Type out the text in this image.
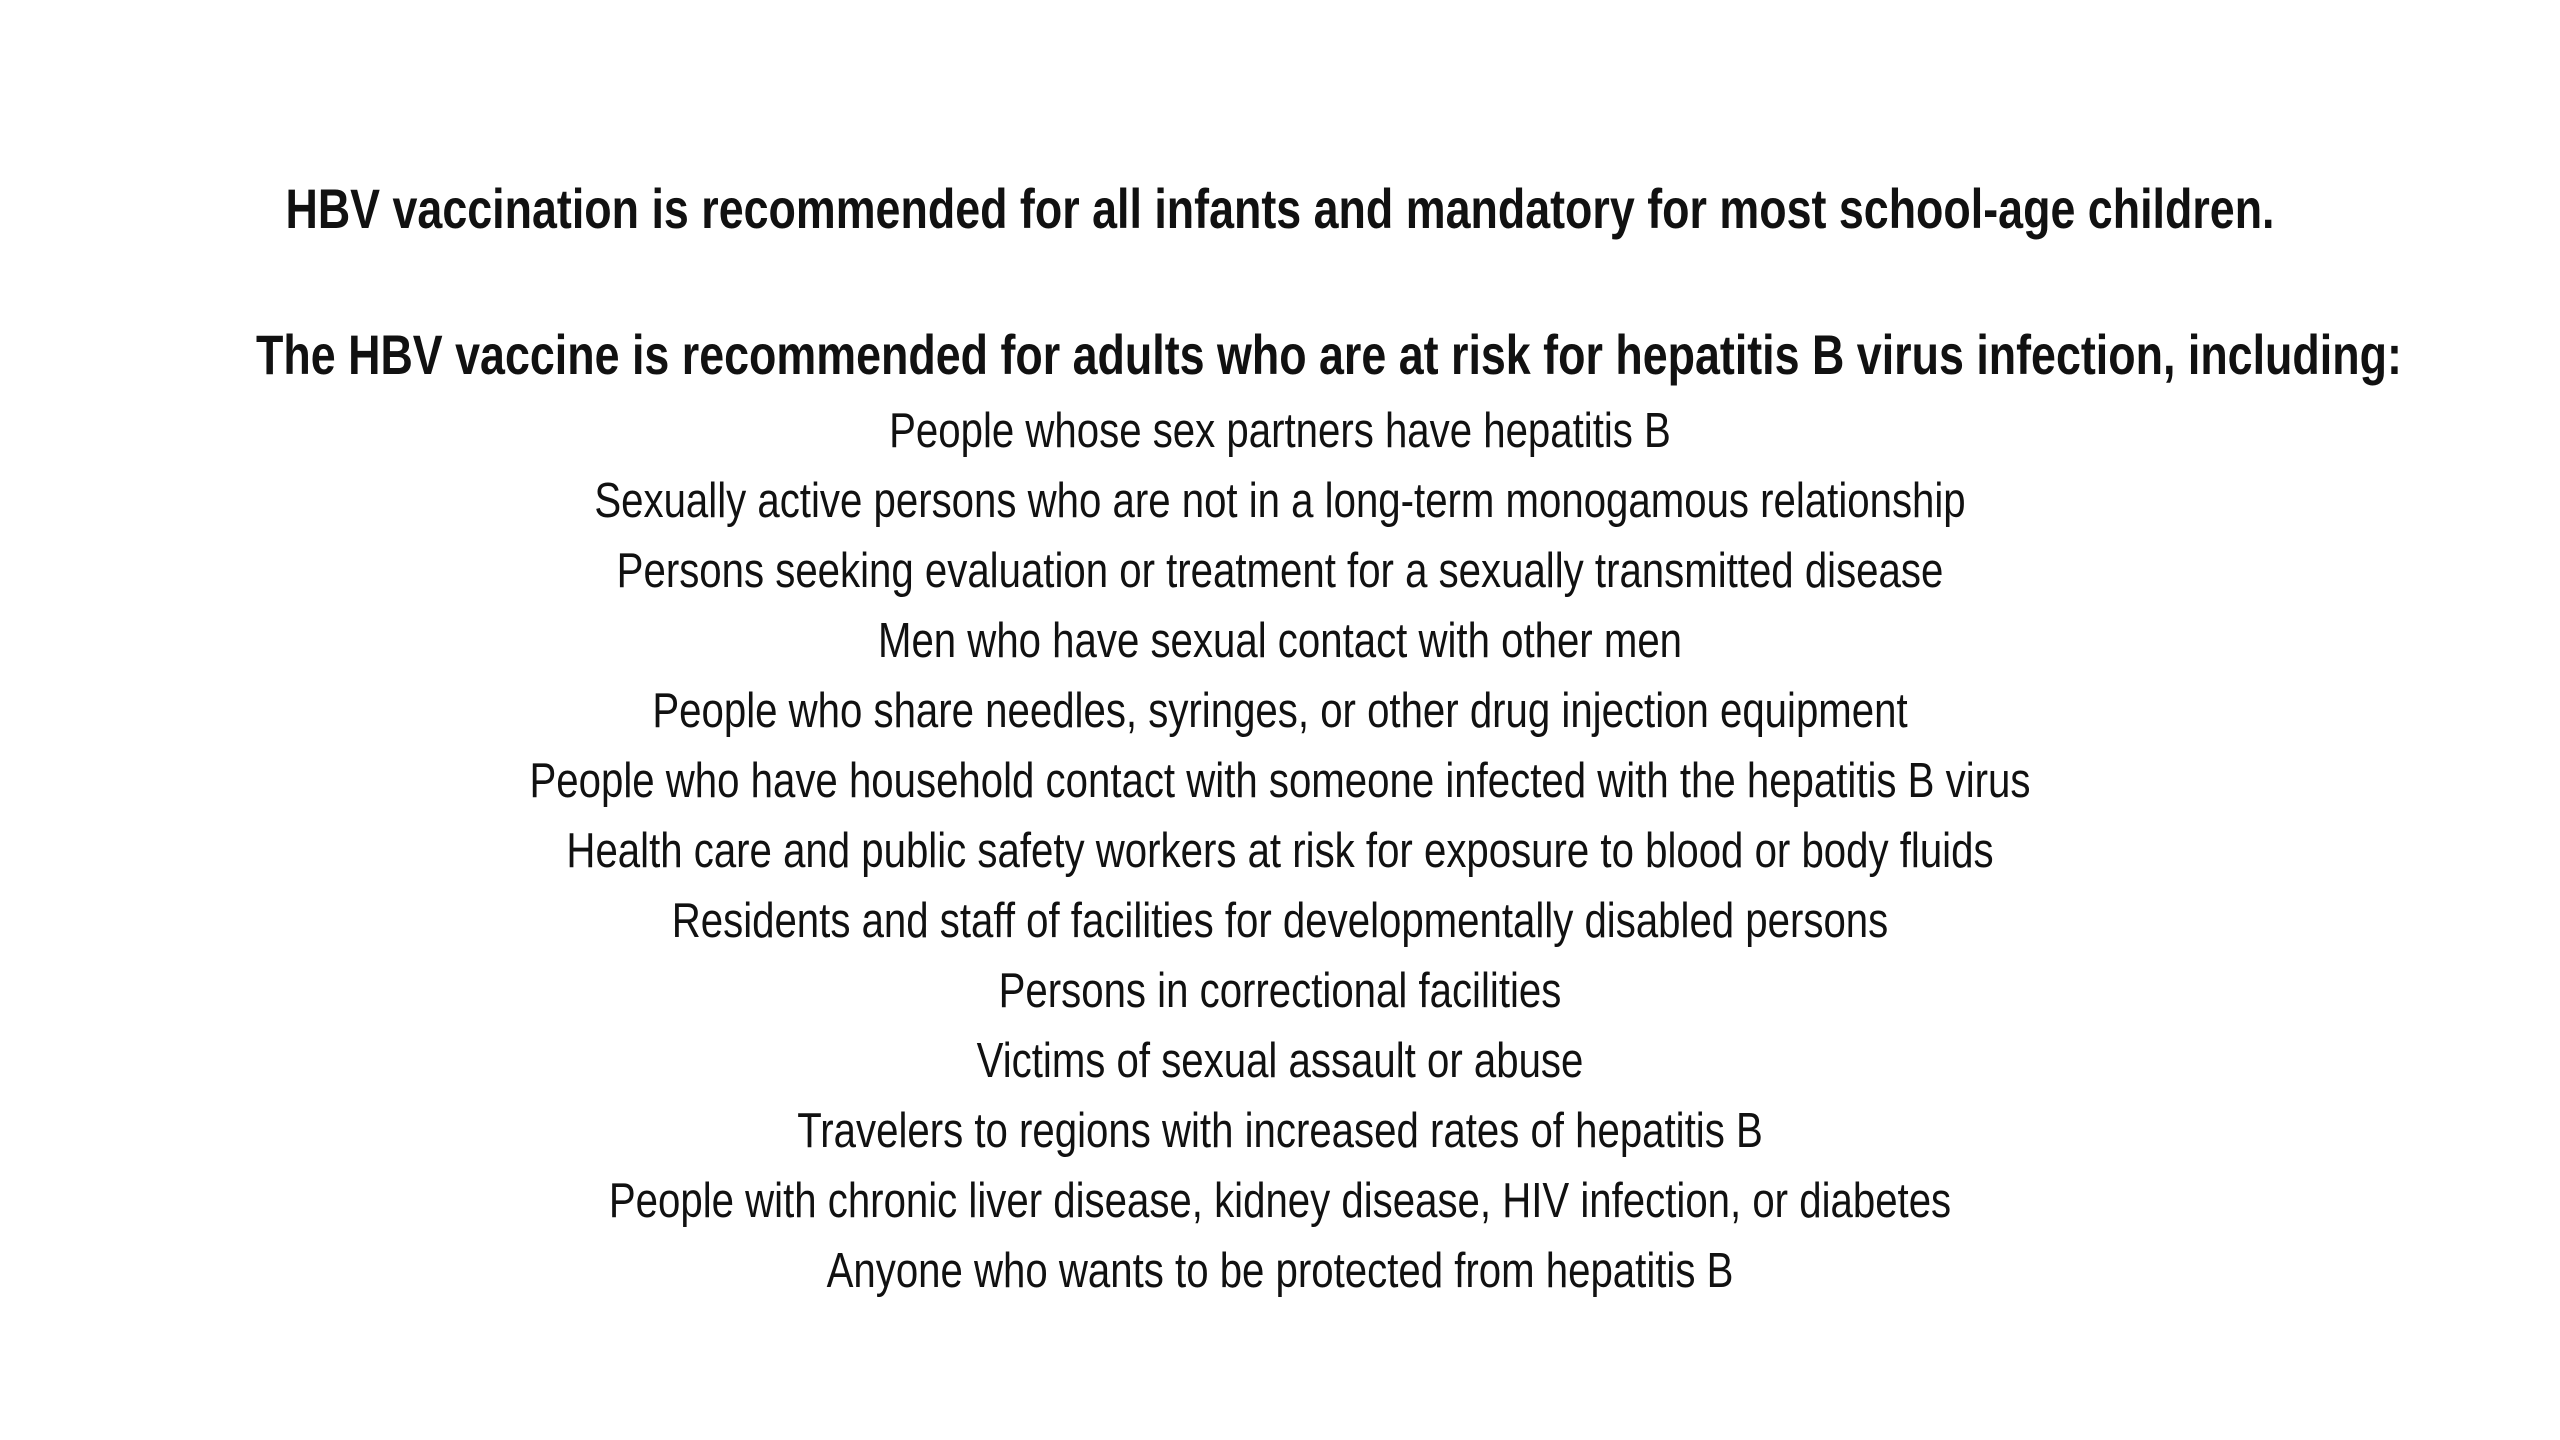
HBV vaccination is recommended for all infants and mandatory for most school-age children.
The HBV vaccine is recommended for adults who are at risk for hepatitis B virus infection, including:
People whose sex partners have hepatitis B
Sexually active persons who are not in a long-term monogamous relationship
Persons seeking evaluation or treatment for a sexually transmitted disease
Men who have sexual contact with other men
People who share needles, syringes, or other drug injection equipment
People who have household contact with someone infected with the hepatitis B virus
Health care and public safety workers at risk for exposure to blood or body fluids
Residents and staff of facilities for developmentally disabled persons
Persons in correctional facilities
Victims of sexual assault or abuse
Travelers to regions with increased rates of hepatitis B
People with chronic liver disease, kidney disease, HIV infection, or diabetes
Anyone who wants to be protected from hepatitis B
